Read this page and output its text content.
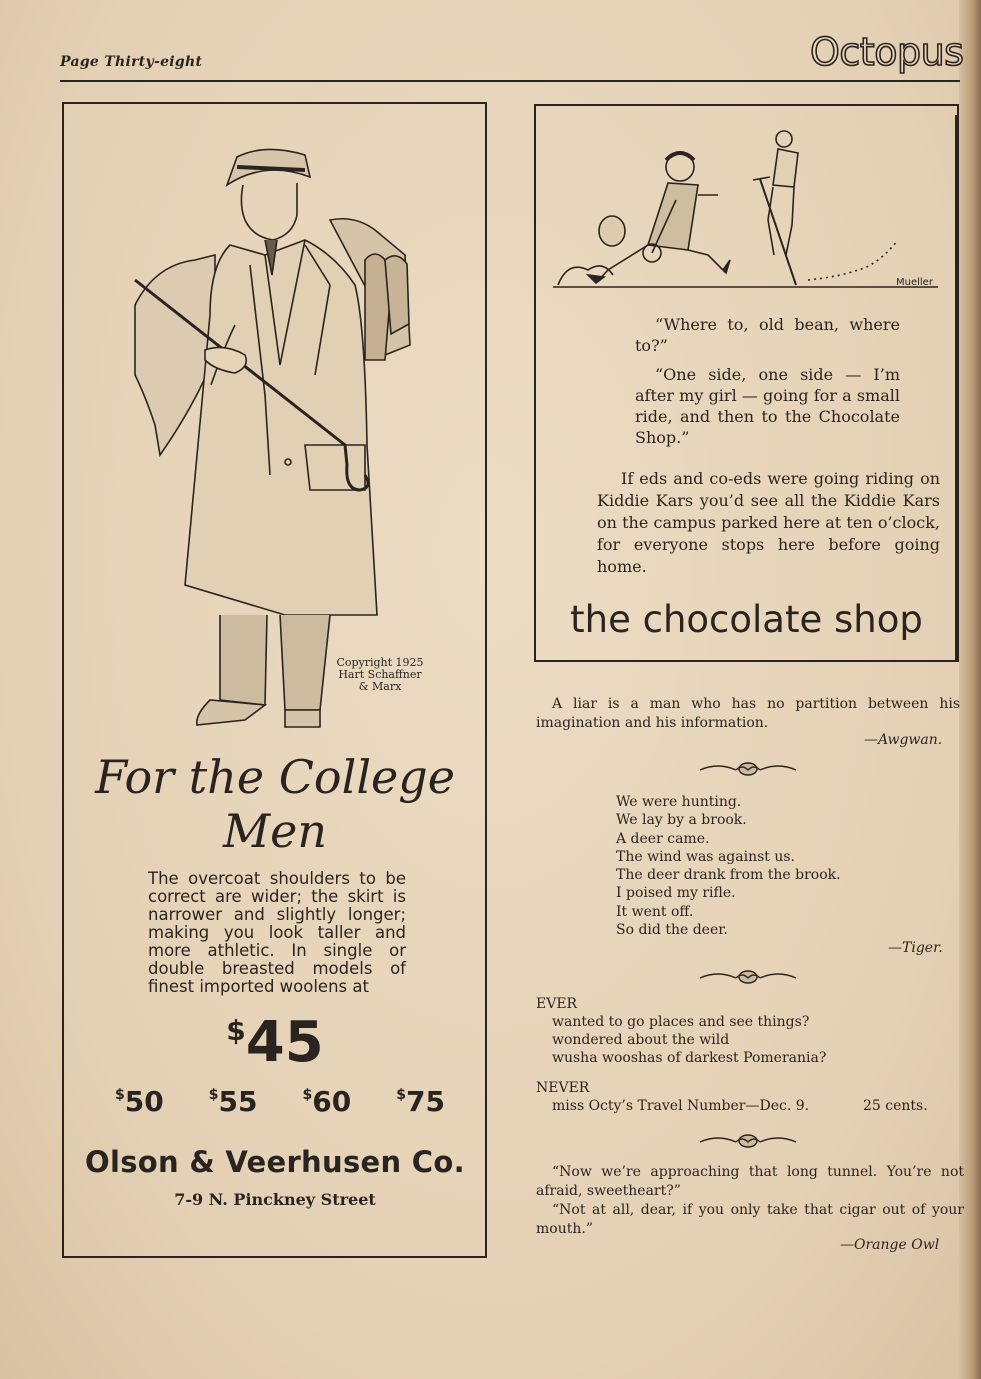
Page Thirty-eight	Octopus
Copyright 1925
Hart Schaffner
& Marx
For the College
Men
The overcoat shoulders to be correct are wider; the skirt is narrower and slightly longer; making you look taller and more athletic. In single or double breasted models of finest imported woolens at
$45
$50	$55	$60	$75
Olson & Veerhusen Co.
7-9 N. Pinckney Street
Mueller

“Where to, old bean, where to?”

“One side, one side — I’m after my girl — going for a small ride, and then to the Chocolate Shop.”

If eds and co-eds were going riding on Kiddie Kars you’d see all the Kiddie Kars on the campus parked here at ten o’clock, for everyone stops here before going home.

the chocolate shop

A liar is a man who has no partition between his imagination and his information.

—Awgwan.
We were hunting.
We lay by a brook.
A deer came.
The wind was against us.
The deer drank from the brook.
I poised my rifle.
It went off.
So did the deer.
—Tiger.
EVER
wanted to go places and see things?
wondered about the wild
wusha wooshas of darkest Pomerania?
NEVER
miss Octy’s Travel Number—Dec. 9.	25 cents.

“Now we’re approaching that long tunnel. You’re not afraid, sweetheart?”

“Not at all, dear, if you only take that cigar out of your mouth.”

—Orange Owl
